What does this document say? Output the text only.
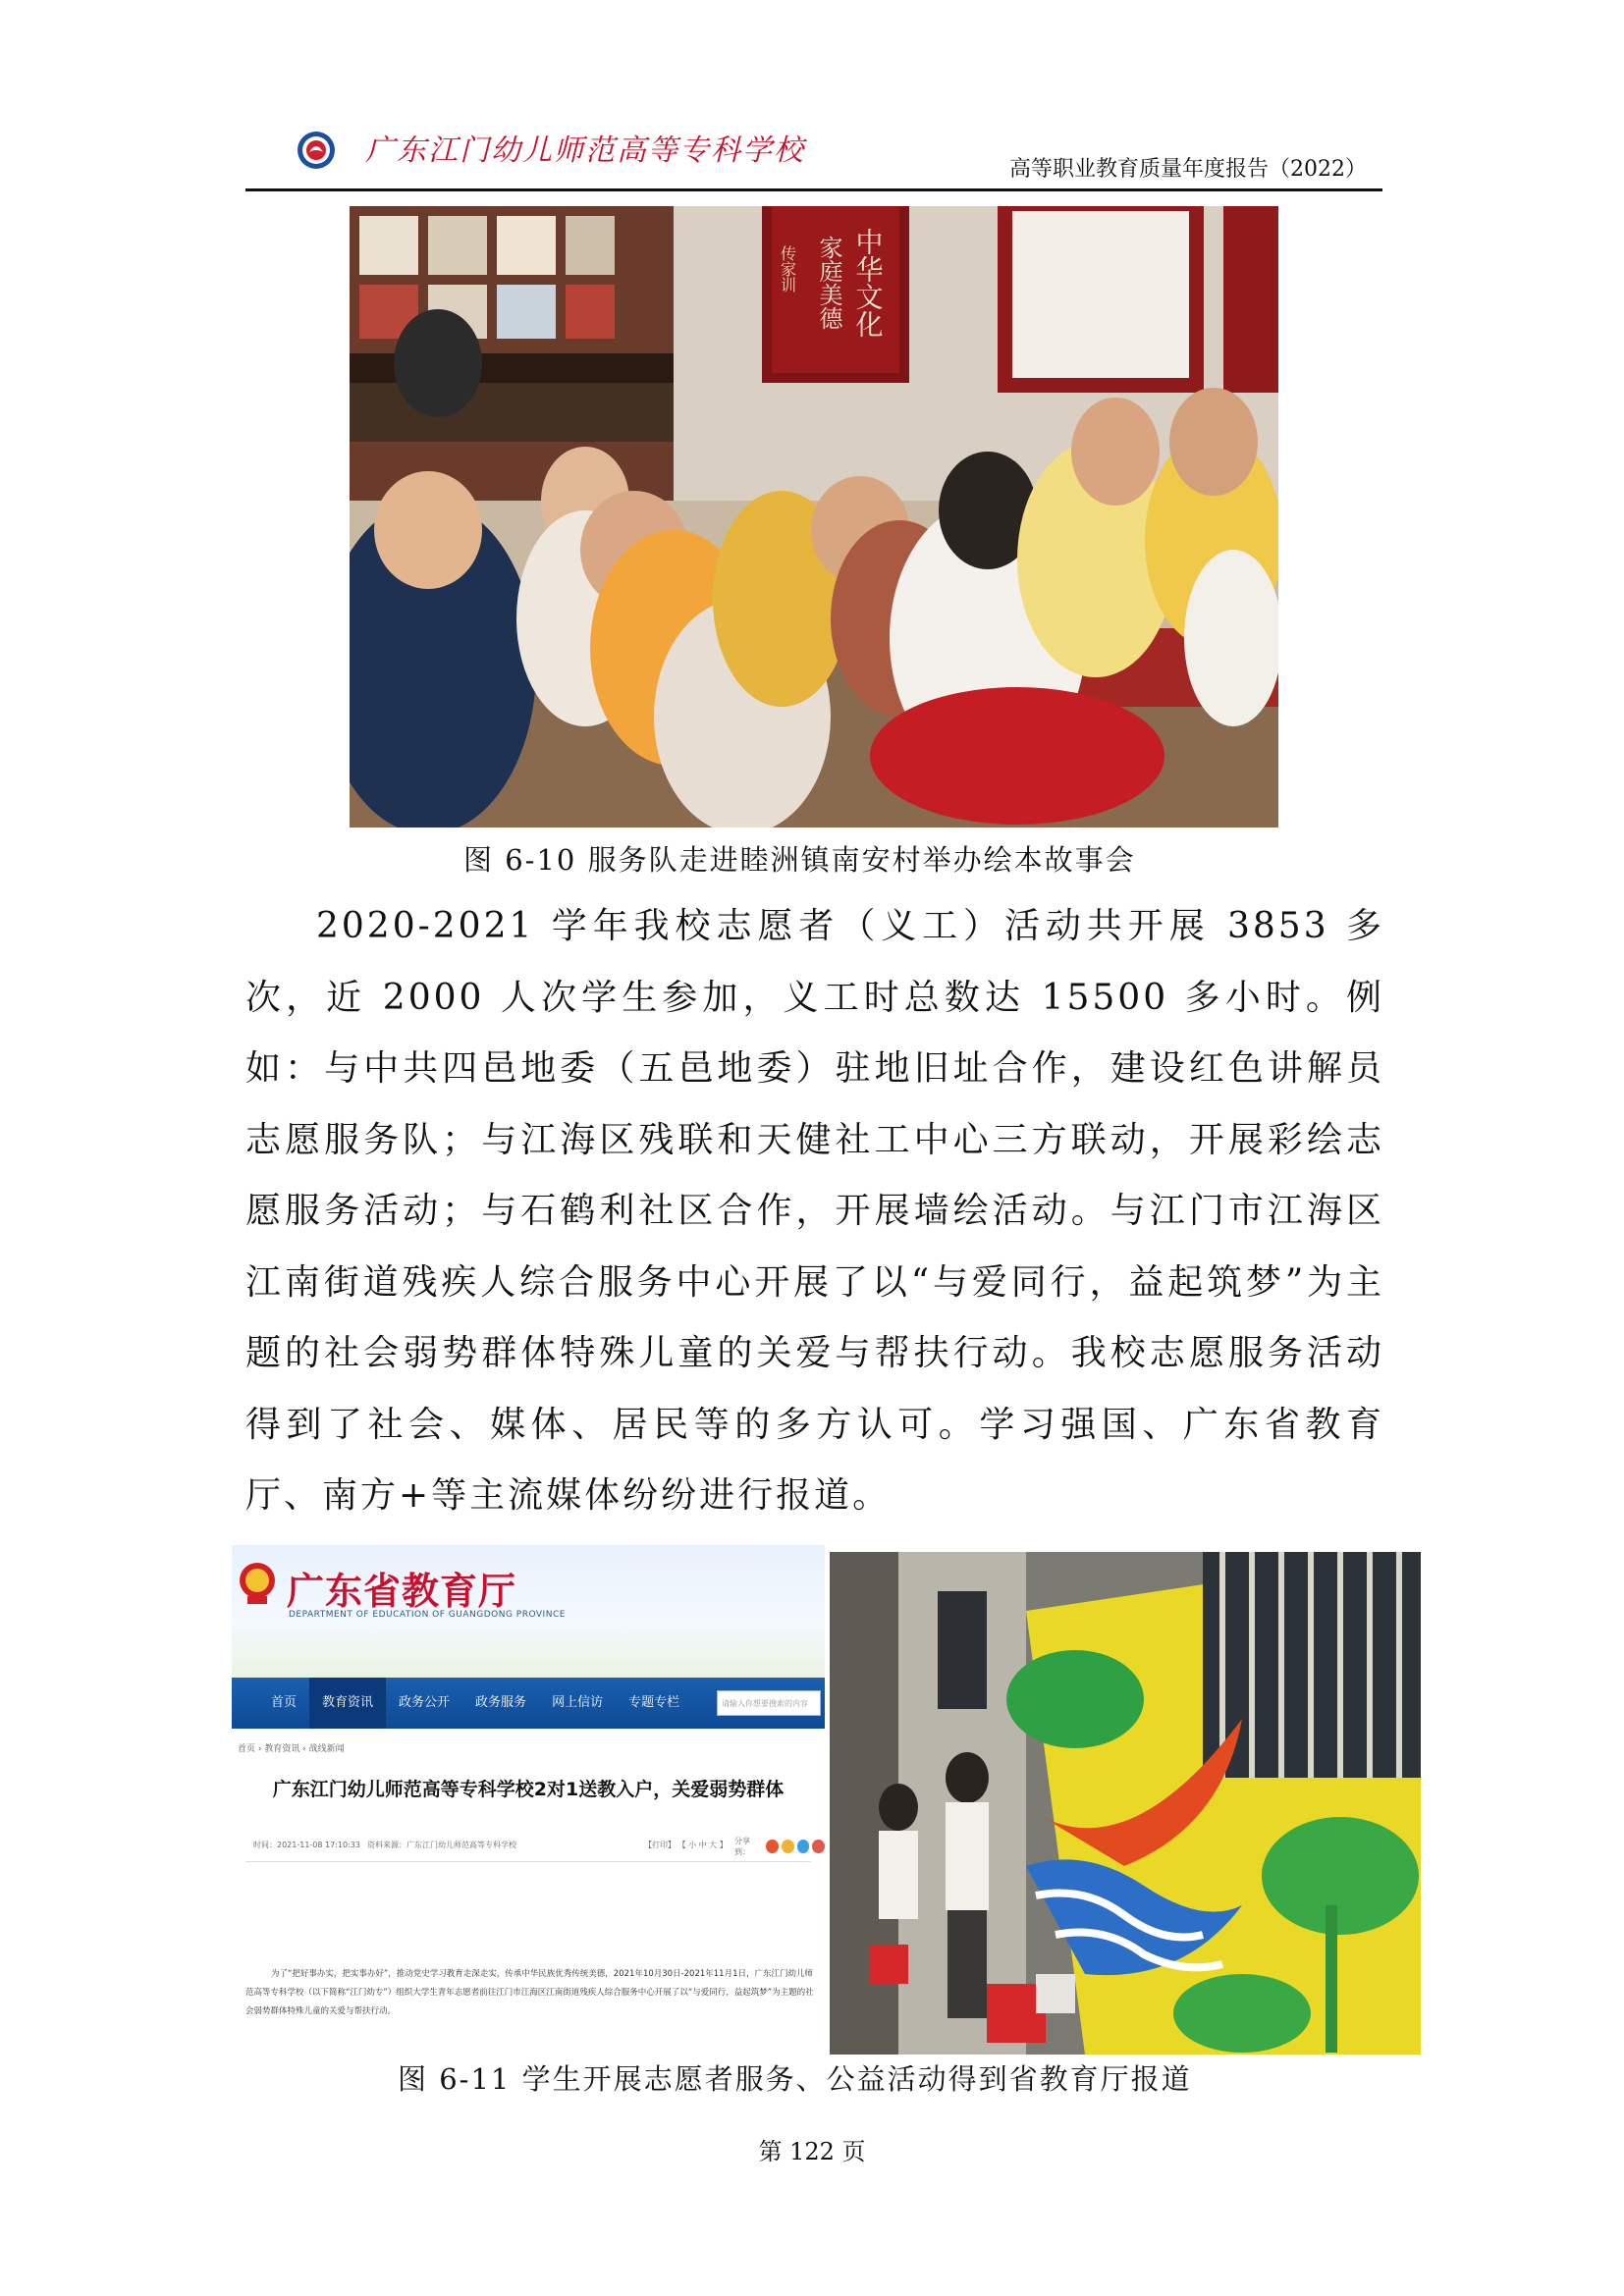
广东江门幼儿师范高等专科学校
高等职业教育质量年度报告（2022）
传家训 家庭美德 中华文化
图 6-10 服务队走进睦洲镇南安村举办绘本故事会

2020-2021 学年我校志愿者（义工）活动共开展 3853 多次，近 2000 人次学生参加，义工时总数达 15500 多小时。例如：与中共四邑地委（五邑地委）驻地旧址合作，建设红色讲解员志愿服务队；与江海区残联和天健社工中心三方联动，开展彩绘志愿服务活动；与石鹤利社区合作，开展墙绘活动。与江门市江海区江南街道残疾人综合服务中心开展了以“与爱同行，益起筑梦”为主题的社会弱势群体特殊儿童的关爱与帮扶行动。我校志愿服务活动得到了社会、媒体、居民等的多方认可。学习强国、广东省教育厅、南方+等主流媒体纷纷进行报道。

广东省教育厅
DEPARTMENT OF EDUCATION OF GUANGDONG PROVINCE
首页	教育资讯	政务公开	政务服务	网上信访	专题专栏	请输入你想要搜索的内容
首页 › 教育资讯 › 战线新闻
广东江门幼儿师范高等专科学校2对1送教入户，关爱弱势群体
时间：2021-11-08 17:10:33 资料来源：广东江门幼儿师范高等专科学校	【打印】 【 小 中 大 】 分享到：

为了“把好事办实，把实事办好”，推动党史学习教育走深走实，传承中华民族优秀传统美德，2021年10月30日-2021年11月1日，广东江门幼儿师范高等专科学校（以下简称“江门幼专”）组织大学生青年志愿者前往江门市江海区江南街道残疾人综合服务中心开展了以“与爱同行，益起筑梦”为主题的社会弱势群体特殊儿童的关爱与帮扶行动。

图 6-11 学生开展志愿者服务、公益活动得到省教育厅报道
第 122 页
